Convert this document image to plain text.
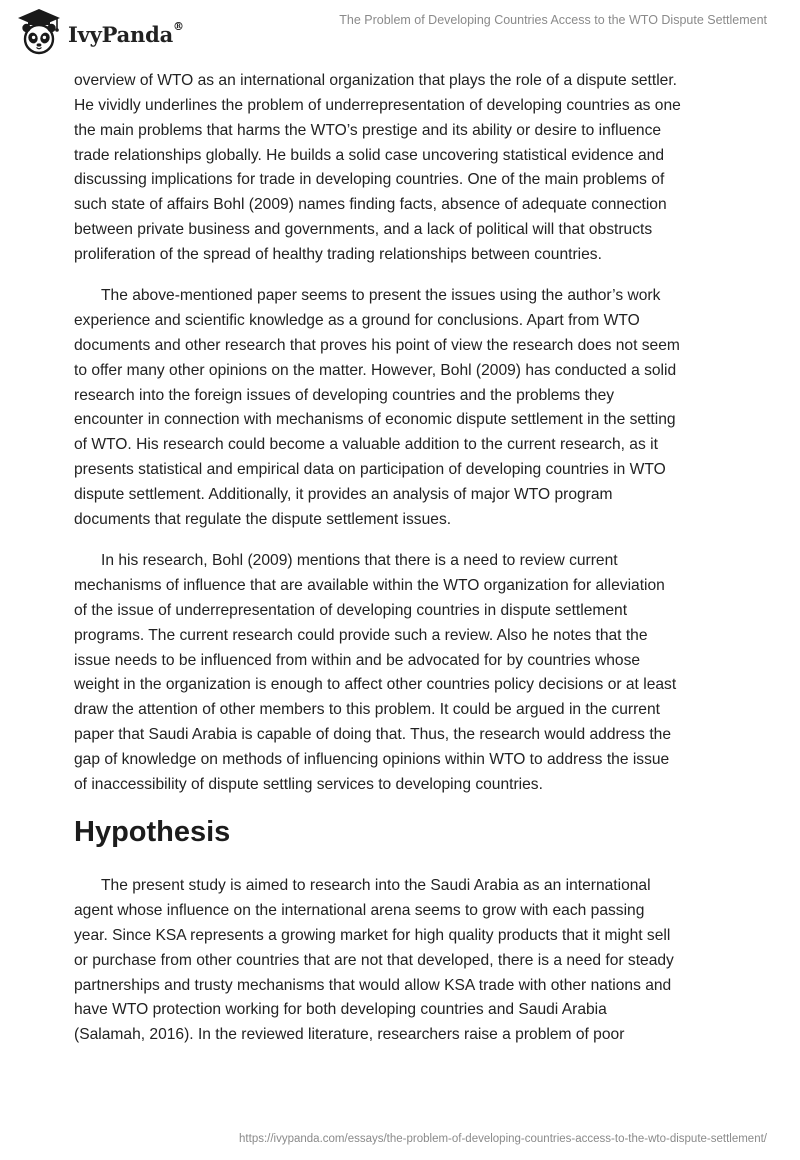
IvyPanda®	The Problem of Developing Countries Access to the WTO Dispute Settlement

overview of WTO as an international organization that plays the role of a dispute settler.
He vividly underlines the problem of underrepresentation of developing countries as one
the main problems that harms the WTO’s prestige and its ability or desire to influence
trade relationships globally. He builds a solid case uncovering statistical evidence and
discussing implications for trade in developing countries. One of the main problems of
such state of affairs Bohl (2009) names finding facts, absence of adequate connection
between private business and governments, and a lack of political will that obstructs
proliferation of the spread of healthy trading relationships between countries.

The above-mentioned paper seems to present the issues using the author’s work
experience and scientific knowledge as a ground for conclusions. Apart from WTO
documents and other research that proves his point of view the research does not seem
to offer many other opinions on the matter. However, Bohl (2009) has conducted a solid
research into the foreign issues of developing countries and the problems they
encounter in connection with mechanisms of economic dispute settlement in the setting
of WTO. His research could become a valuable addition to the current research, as it
presents statistical and empirical data on participation of developing countries in WTO
dispute settlement. Additionally, it provides an analysis of major WTO program
documents that regulate the dispute settlement issues.

In his research, Bohl (2009) mentions that there is a need to review current
mechanisms of influence that are available within the WTO organization for alleviation
of the issue of underrepresentation of developing countries in dispute settlement
programs. The current research could provide such a review. Also he notes that the
issue needs to be influenced from within and be advocated for by countries whose
weight in the organization is enough to affect other countries policy decisions or at least
draw the attention of other members to this problem. It could be argued in the current
paper that Saudi Arabia is capable of doing that. Thus, the research would address the
gap of knowledge on methods of influencing opinions within WTO to address the issue
of inaccessibility of dispute settling services to developing countries.

Hypothesis

The present study is aimed to research into the Saudi Arabia as an international
agent whose influence on the international arena seems to grow with each passing
year. Since KSA represents a growing market for high quality products that it might sell
or purchase from other countries that are not that developed, there is a need for steady
partnerships and trusty mechanisms that would allow KSA trade with other nations and
have WTO protection working for both developing countries and Saudi Arabia
(Salamah, 2016). In the reviewed literature, researchers raise a problem of poor

https://ivypanda.com/essays/the-problem-of-developing-countries-access-to-the-wto-dispute-settlement/
